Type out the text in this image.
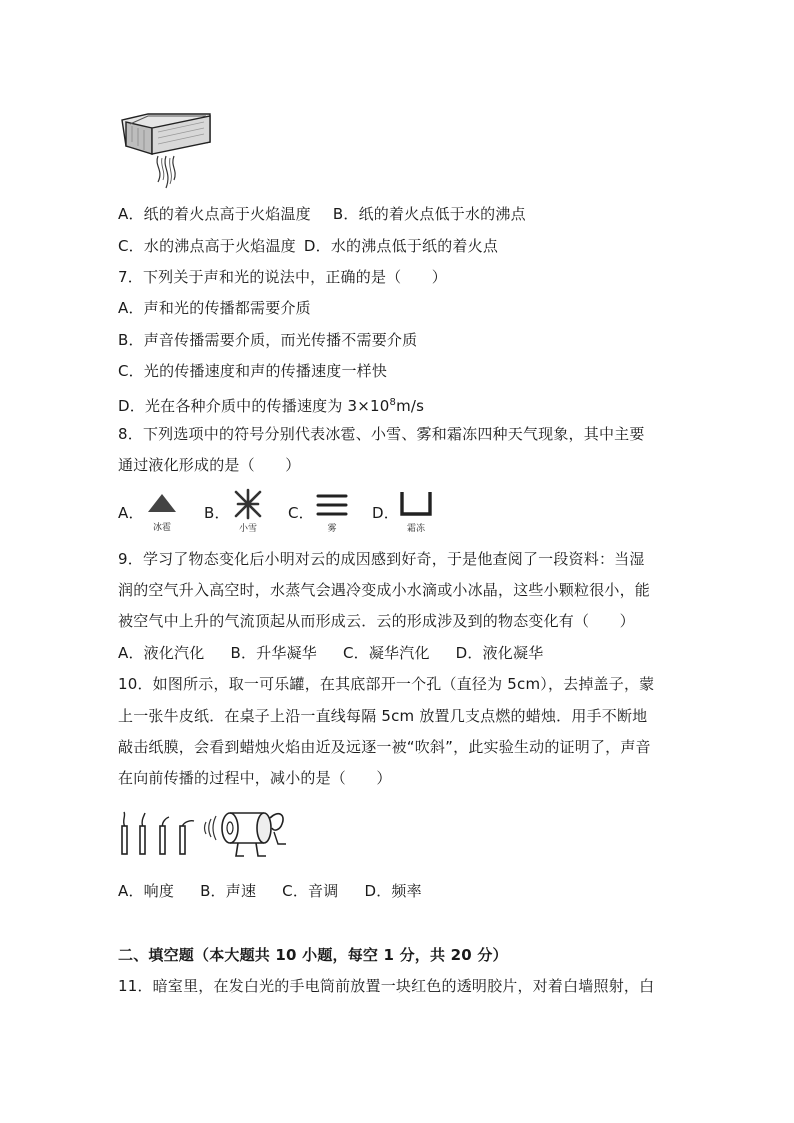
A．纸的着火点高于火焰温度 B．纸的着火点低于水的沸点
C．水的沸点高于火焰温度 D．水的沸点低于纸的着火点
7．下列关于声和光的说法中，正确的是（　　）
A．声和光的传播都需要介质
B．声音传播需要介质，而光传播不需要介质
C．光的传播速度和声的传播速度一样快
D．光在各种介质中的传播速度为 $3\times 10^8m/s$
8．下列选项中的符号分别代表冰雹、小雪、雾和霜冻四种天气现象，其中主要
通过液化形成的是（　　）
A．
冰雹
B．
小雪
C．
雾
D．
霜冻
9．学习了物态变化后小明对云的成因感到好奇，于是他查阅了一段资料：当湿
润的空气升入高空时，水蒸气会遇冷变成小水滴或小冰晶，这些小颗粒很小，能
被空气中上升的气流顶起从而形成云．云的形成涉及到的物态变化有（　　）
A．液化汽化 B．升华凝华 C．凝华汽化 D．液化凝华
10．如图所示，取一可乐罐，在其底部开一个孔（直径为 5cm），去掉盖子，蒙
上一张牛皮纸．在桌子上沿一直线每隔 5cm 放置几支点燃的蜡烛．用手不断地
敲击纸膜，会看到蜡烛火焰由近及远逐一被“吹斜”，此实验生动的证明了，声音
在向前传播的过程中，减小的是（　　）
A．响度 B．声速 C．音调 D．频率
二、填空题（本大题共 10 小题，每空 1 分，共 20 分）
11．暗室里，在发白光的手电筒前放置一块红色的透明胶片，对着白墙照射，白
